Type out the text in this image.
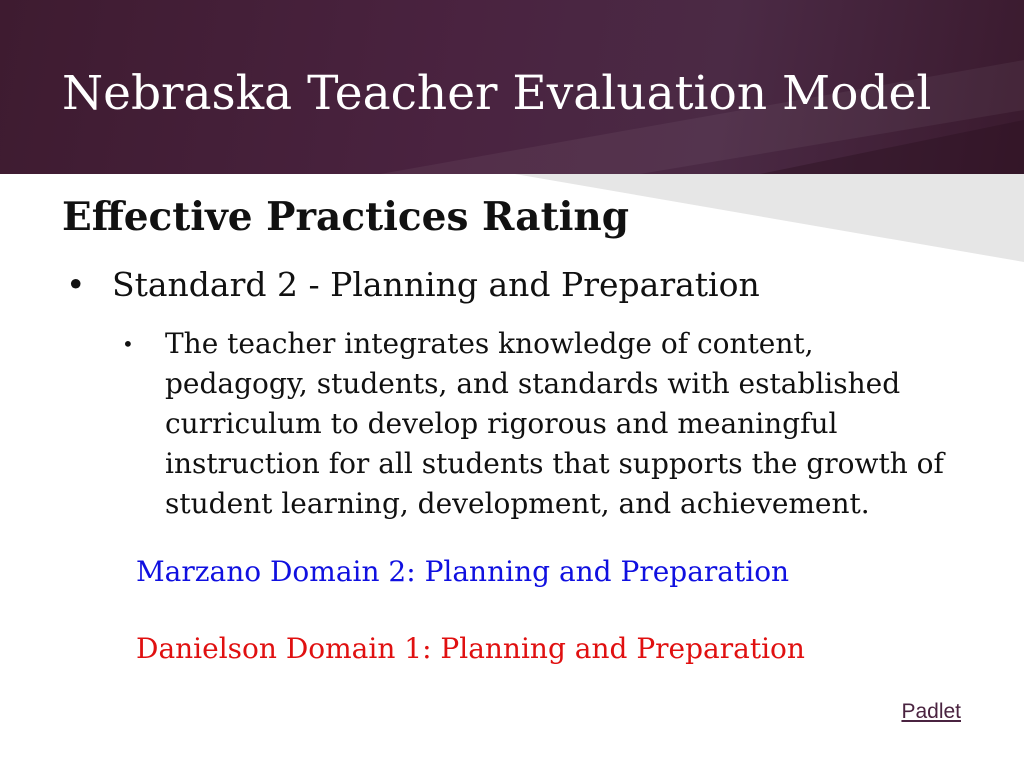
Nebraska Teacher Evaluation Model
Effective Practices Rating
• Standard 2 - Planning and Preparation
• The teacher integrates knowledge of content, pedagogy, students, and standards with established curriculum to develop rigorous and meaningful instruction for all students that supports the growth of student learning, development, and achievement.
Marzano Domain 2: Planning and Preparation
Danielson Domain 1: Planning and Preparation
Padlet
